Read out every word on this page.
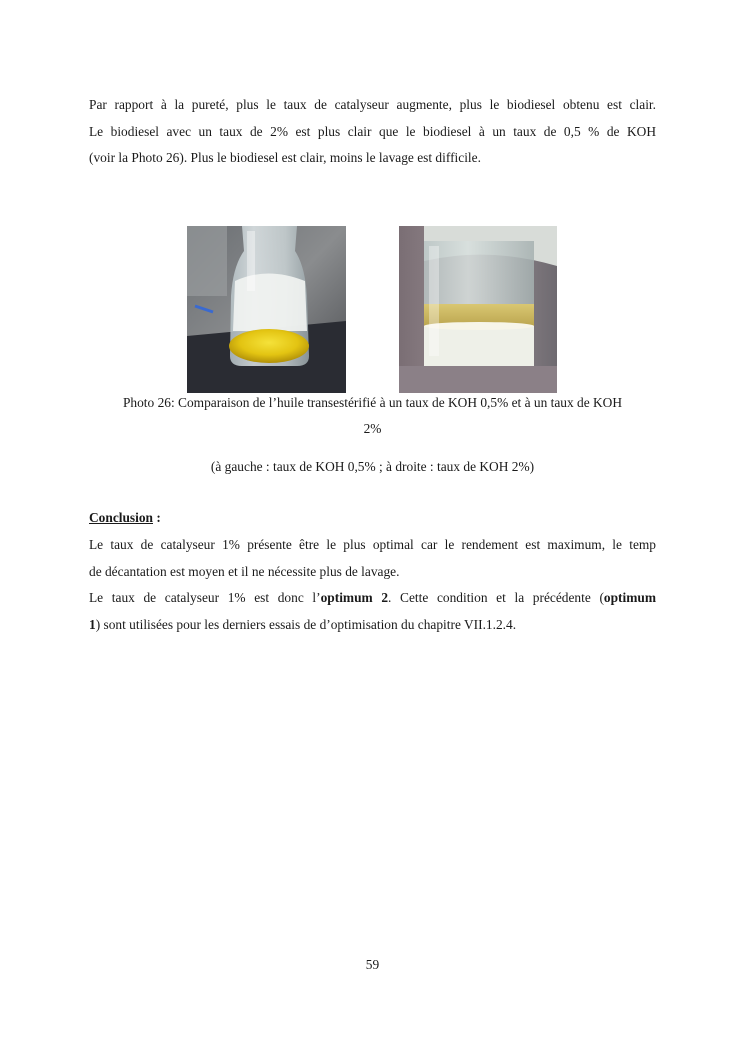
Par rapport à la pureté, plus le taux de catalyseur augmente, plus le biodiesel obtenu est clair.
Le biodiesel avec un taux de 2% est plus clair que le biodiesel à un taux de 0,5 % de KOH
(voir la Photo 26). Plus le biodiesel est clair, moins le lavage est difficile.

Photo 26: Comparaison de l’huile transestérifié à un taux de KOH 0,5% et à un taux de KOH
2%

(à gauche : taux de KOH 0,5% ; à droite : taux de KOH 2%)

Conclusion :

Le taux de catalyseur 1% présente être le plus optimal car le rendement est maximum, le temp
de décantation est moyen et il ne nécessite plus de lavage.
Le taux de catalyseur 1% est donc l’optimum 2. Cette condition et la précédente (optimum
1) sont utilisées pour les derniers essais de d’optimisation du chapitre VII.1.2.4.

59
